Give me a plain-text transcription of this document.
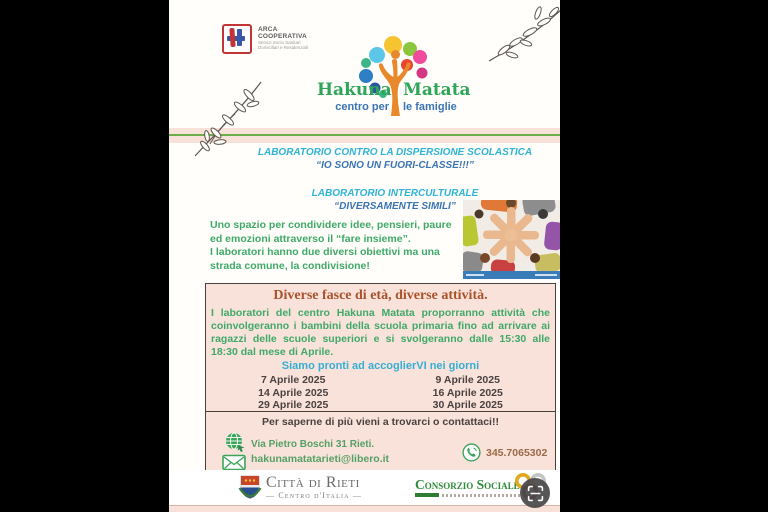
ARCA
COOPERATIVA
Servizi Socio Sanitari
Domiciliari e Residenziali
Hakuna Matata
centro per le famiglie
LABORATORIO CONTRO LA DISPERSIONE SCOLASTICA
“IO SONO UN FUORI-CLASSE!!!”
LABORATORIO INTERCULTURALE
“DIVERSAMENTE SIMILI”
Uno spazio per condividere idee, pensieri, paure
ed emozioni attraverso il “fare insieme”.
I laboratori hanno due diversi obiettivi ma una
strada comune, la condivisione!
Diverse fasce di età, diverse attività.
I laboratori del centro Hakuna Matata proporranno attività che coinvolgeranno i bambini della scuola primaria fino ad arrivare ai ragazzi delle scuole superiori e si svolgeranno dalle 15:30 alle 18:30 dal mese di Aprile.
Siamo pronti ad accoglierVI nei giorni
7 Aprile 2025	9 Aprile 2025
14 Aprile 2025	16 Aprile 2025
29 Aprile 2025	30 Aprile 2025
Per saperne di più vieni a trovarci o contattaci!!
Via Pietro Boschi 31 Rieti.
hakunamatatarieti@libero.it	345.7065302
Città di Rieti
— Centro d'Italia —
Consorzio Sociale
